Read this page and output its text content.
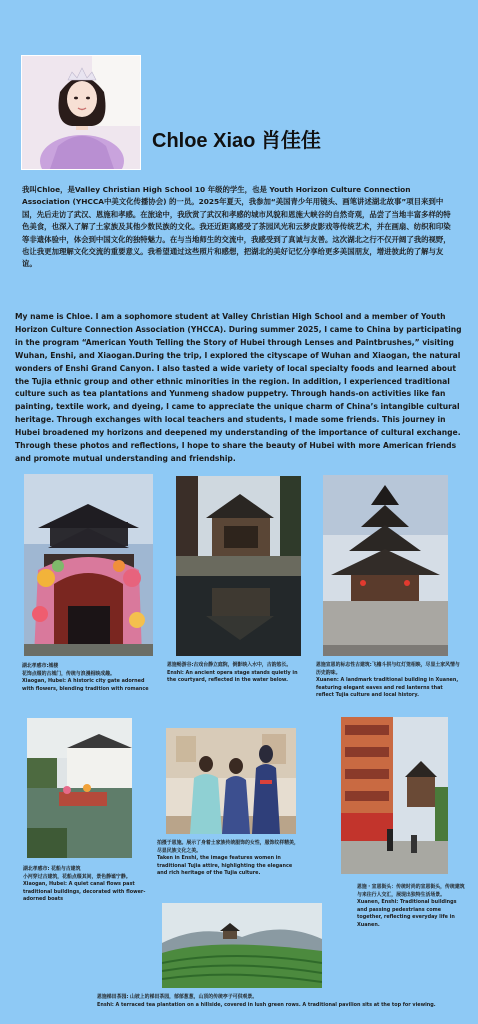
Chloe Xiao 肖佳佳
我叫Chloe，是Valley Christian High School 10 年级的学生，也是 Youth Horizon Culture Connection Association (YHCCA中美文化传播协会) 的一员。2025年夏天，我参加“美国青少年用镜头、画笔讲述湖北故事”项目来到中国，先后走访了武汉、恩施和孝感。在旅途中，我欣赏了武汉和孝感的城市风貌和恩施大峡谷的自然奇观，品尝了当地丰富多样的特色美食，也深入了解了土家族及其他少数民族的文化。我还近距离感受了茶园风光和云梦皮影戏等传统艺术，并在画扇、纺织和印染等非遗体验中，体会到中国文化的独特魅力。在与当地师生的交流中，我感受到了真诚与友善。这次湖北之行不仅开阔了我的视野，也让我更加理解文化交流的重要意义。我希望通过这些照片和感想，把湖北的美好记忆分享给更多美国朋友，增进彼此的了解与友谊。
My name is Chloe. I am a sophomore student at Valley Christian High School and a member of Youth Horizon Culture Connection Association (YHCCA). During summer 2025, I came to China by participating in the program “American Youth Telling the Story of Hubei through Lenses and Paintbrushes,” visiting Wuhan, Enshi, and Xiaogan.During the trip, I explored the cityscape of Wuhan and Xiaogan, the natural wonders of Enshi Grand Canyon. I also tasted a wide variety of local specialty foods and learned about the Tujia ethnic group and other ethnic minorities in the region. In addition, I experienced traditional culture such as tea plantations and Yunmeng shadow puppetry. Through hands-on activities like fan painting, textile work, and dyeing, I came to appreciate the unique charm of China’s intangible cultural heritage. Through exchanges with local teachers and students, I made some friends. This journey in Hubei broadened my horizons and deepened my understanding of the importance of cultural exchange. Through these photos and reflections, I hope to share the beauty of Hubei with more American friends and promote mutual understanding and friendship.
湖北孝感市:城楼
花饰点缀的古城门，传统与浪漫相映成趣。
Xiaogan, Hubei: A historic city gate adorned with flowers, blending tradition with romance
恩施畅游谷:古戏台静立庭院，倒影映入水中，古韵悠长。
Enshi: An ancient opera stage stands quietly in the courtyard, reflected in the water below.
恩施宣恩的标志性古建筑:飞檐斗拱与红灯笼相映，尽显土家风情与历史韵味。
Xuanen: A landmark traditional building in Xuanen, featuring elegant eaves and red lanterns that reflect Tujia culture and local history.
湖北孝感市: 花船与古建筑
小河穿过古建筑，花船点缀其间，景色静谧宁静。
Xiaogan, Hubei: A quiet canal flows past traditional buildings, decorated with flower-adorned boats
拍摄于恩施。展示了身着土家族传统服饰的女性，服饰纹样精美，尽显民族文化之美。
Taken in Enshi, the image features women in traditional Tujia attire, highlighting the elegance and rich heritage of the Tujia culture.
恩施・宣恩街头：传统时尚的宣恩街头，传统建筑与来往行人交汇，展现出独特生活场景。
Xuanen, Enshi: Traditional buildings and passing pedestrians come together, reflecting everyday life in Xuanen.
恩施梯田茶园: 山坡上的梯田茶园，郁郁葱葱，山顶的传统亭子可供观景。
Enshi: A terraced tea plantation on a hillside, covered in lush green rows. A traditional pavilion sits at the top for viewing.
